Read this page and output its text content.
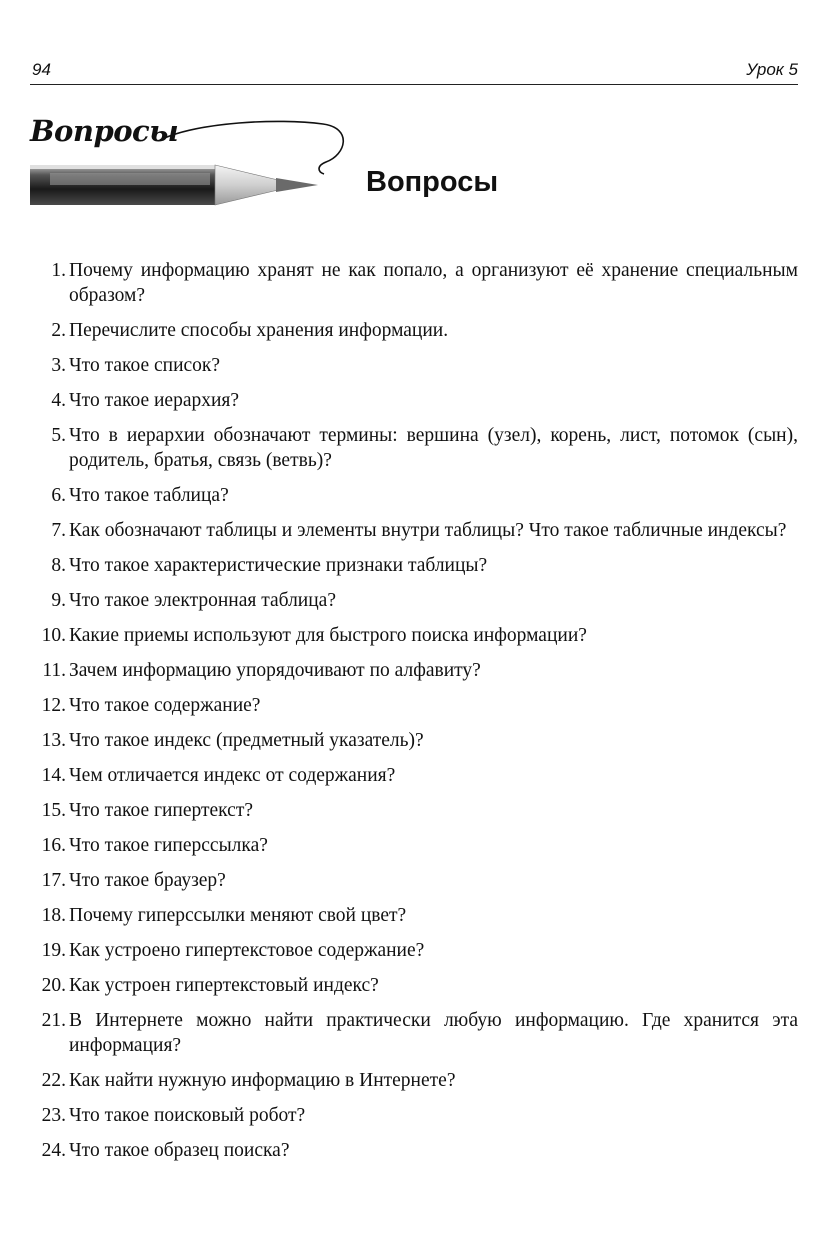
94	Урок 5
Вопросы
Вопросы
1. Почему информацию хранят не как попало, а организуют её хранение специальным образом?
2. Перечислите способы хранения информации.
3. Что такое список?
4. Что такое иерархия?
5. Что в иерархии обозначают термины: вершина (узел), корень, лист, потомок (сын), родитель, братья, связь (ветвь)?
6. Что такое таблица?
7. Как обозначают таблицы и элементы внутри таблицы? Что такое табличные индексы?
8. Что такое характеристические признаки таблицы?
9. Что такое электронная таблица?
10. Какие приемы используют для быстрого поиска информации?
11. Зачем информацию упорядочивают по алфавиту?
12. Что такое содержание?
13. Что такое индекс (предметный указатель)?
14. Чем отличается индекс от содержания?
15. Что такое гипертекст?
16. Что такое гиперссылка?
17. Что такое браузер?
18. Почему гиперссылки меняют свой цвет?
19. Как устроено гипертекстовое содержание?
20. Как устроен гипертекстовый индекс?
21. В Интернете можно найти практически любую информацию. Где хранится эта информация?
22. Как найти нужную информацию в Интернете?
23. Что такое поисковый робот?
24. Что такое образец поиска?
